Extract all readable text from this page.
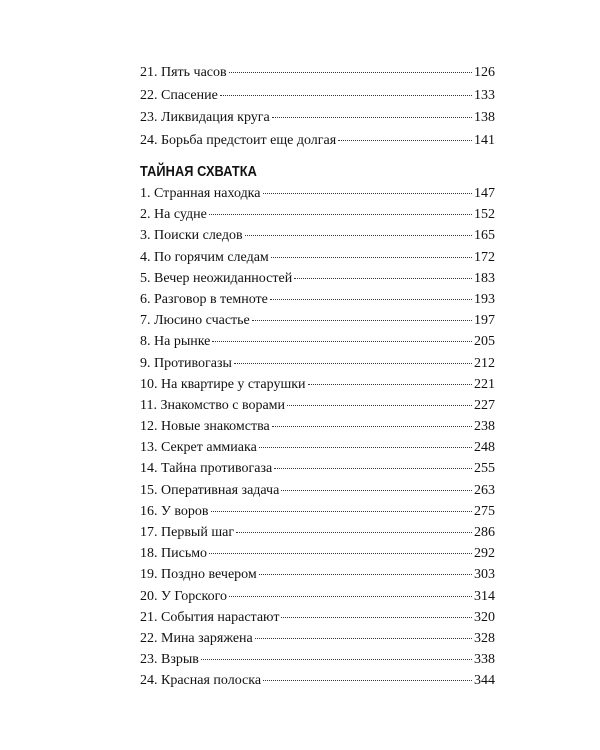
21. Пять часов	126
22. Спасение	133
23. Ликвидация круга	138
24. Борьба предстоит еще долгая	141
ТАЙНАЯ СХВАТКА
1. Странная находка	147
2. На судне	152
3. Поиски следов	165
4. По горячим следам	172
5. Вечер неожиданностей	183
6. Разговор в темноте	193
7. Люсино счастье	197
8. На рынке	205
9. Противогазы	212
10. На квартире у старушки	221
11. Знакомство с ворами	227
12. Новые знакомства	238
13. Секрет аммиака	248
14. Тайна противогаза	255
15. Оперативная задача	263
16. У воров	275
17. Первый шаг	286
18. Письмо	292
19. Поздно вечером	303
20. У Горского	314
21. События нарастают	320
22. Мина заряжена	328
23. Взрыв	338
24. Красная полоска	344
